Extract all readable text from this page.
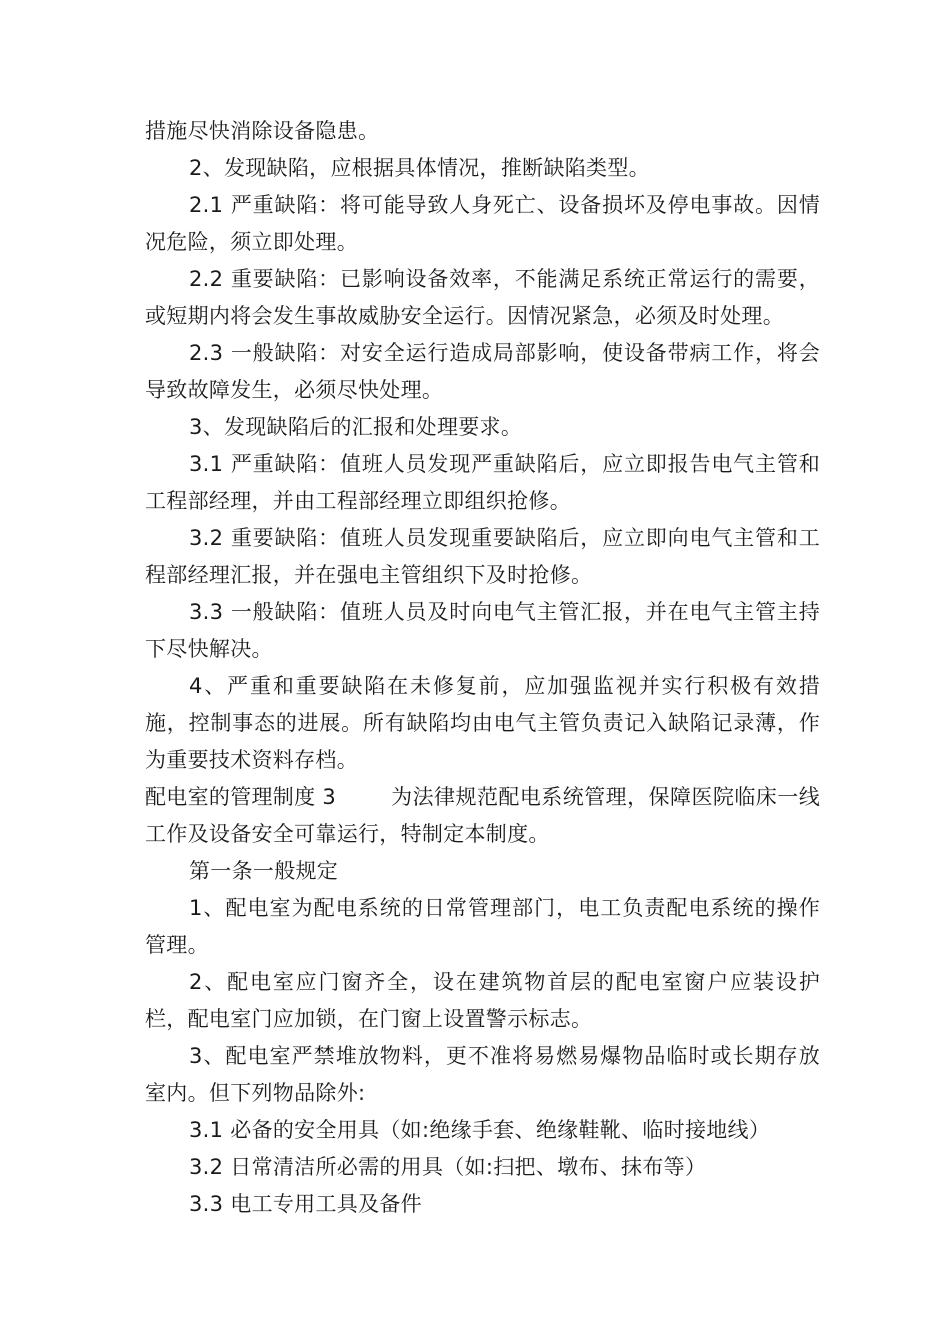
措施尽快消除设备隐患。

2、发现缺陷，应根据具体情况，推断缺陷类型。

2.1 严重缺陷：将可能导致人身死亡、设备损坏及停电事故。因情况危险，须立即处理。

2.2 重要缺陷：已影响设备效率，不能满足系统正常运行的需要，或短期内将会发生事故威胁安全运行。因情况紧急，必须及时处理。

2.3 一般缺陷：对安全运行造成局部影响，使设备带病工作，将会导致故障发生，必须尽快处理。

3、发现缺陷后的汇报和处理要求。

3.1 严重缺陷：值班人员发现严重缺陷后，应立即报告电气主管和工程部经理，并由工程部经理立即组织抢修。

3.2 重要缺陷：值班人员发现重要缺陷后，应立即向电气主管和工程部经理汇报，并在强电主管组织下及时抢修。

3.3 一般缺陷：值班人员及时向电气主管汇报，并在电气主管主持下尽快解决。

4、严重和重要缺陷在未修复前，应加强监视并实行积极有效措施，控制事态的进展。所有缺陷均由电气主管负责记入缺陷记录薄，作为重要技术资料存档。

配电室的管理制度 3	为法律规范配电系统管理，保障医院临床一线工作及设备安全可靠运行，特制定本制度。

第一条一般规定

1、配电室为配电系统的日常管理部门，电工负责配电系统的操作管理。

2、配电室应门窗齐全，设在建筑物首层的配电室窗户应装设护栏，配电室门应加锁，在门窗上设置警示标志。

3、配电室严禁堆放物料，更不准将易燃易爆物品临时或长期存放室内。但下列物品除外:

3.1 必备的安全用具（如:绝缘手套、绝缘鞋靴、临时接地线）

3.2 日常清洁所必需的用具（如:扫把、墩布、抹布等）

3.3 电工专用工具及备件
